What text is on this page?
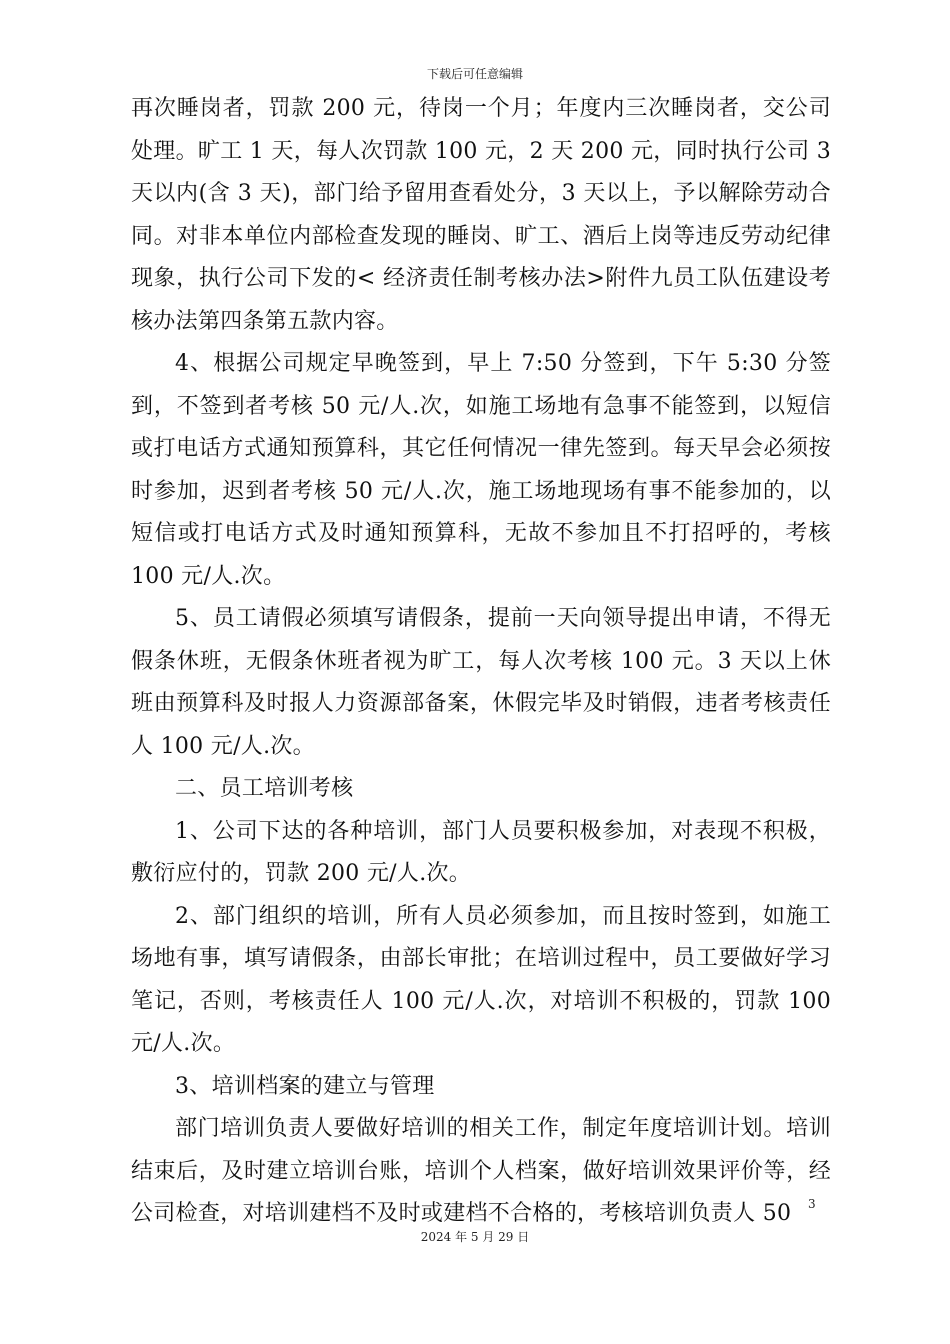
下载后可任意编辑

再次睡岗者，罚款 200 元，待岗一个月；年度内三次睡岗者，交公司处理。旷工 1 天，每人次罚款 100 元，2 天 200 元，同时执行公司 3 天以内(含 3 天)，部门给予留用查看处分，3 天以上，予以解除劳动合同。对非本单位内部检查发现的睡岗、旷工、酒后上岗等违反劳动纪律现象，执行公司下发的< 经济责任制考核办法>附件九员工队伍建设考核办法第四条第五款内容。

4、根据公司规定早晚签到，早上 7:50 分签到，下午 5:30 分签到，不签到者考核 50 元/人.次，如施工场地有急事不能签到，以短信或打电话方式通知预算科，其它任何情况一律先签到。每天早会必须按时参加，迟到者考核 50 元/人.次，施工场地现场有事不能参加的，以短信或打电话方式及时通知预算科，无故不参加且不打招呼的，考核 100 元/人.次。

5、员工请假必须填写请假条，提前一天向领导提出申请，不得无假条休班，无假条休班者视为旷工，每人次考核 100 元。3 天以上休班由预算科及时报人力资源部备案，休假完毕及时销假，违者考核责任人 100 元/人.次。

二、员工培训考核

1、公司下达的各种培训，部门人员要积极参加，对表现不积极，敷衍应付的，罚款 200 元/人.次。

2、部门组织的培训，所有人员必须参加，而且按时签到，如施工场地有事，填写请假条，由部长审批；在培训过程中，员工要做好学习笔记，否则，考核责任人 100 元/人.次，对培训不积极的，罚款 100 元/人.次。

3、培训档案的建立与管理

部门培训负责人要做好培训的相关工作，制定年度培训计划。培训结束后，及时建立培训台账，培训个人档案，做好培训效果评价等，经公司检查，对培训建档不及时或建档不合格的，考核培训负责人 50	3
2024 年 5 月 29 日
